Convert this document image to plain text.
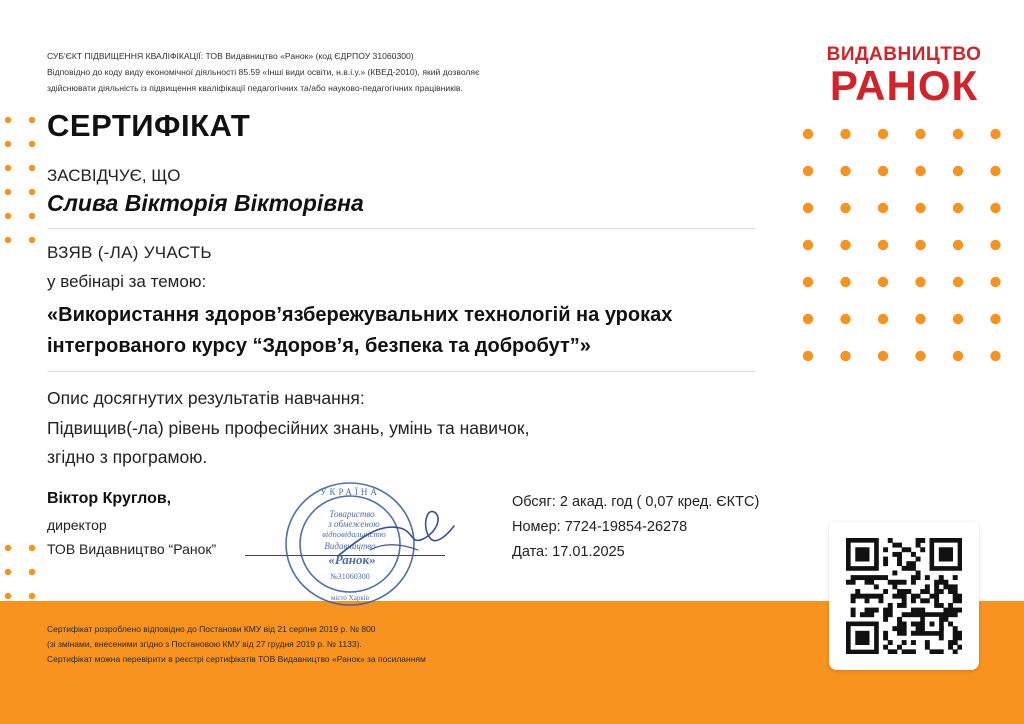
СУБ'ЄКТ ПІДВИЩЕННЯ КВАЛІФІКАЦІЇ: ТОВ Видавництво «Ранок» (код ЄДРПОУ 31060300)
Відповідно до коду виду економічної діяльності 85.59 «Інші види освіти, н.в.і.у.» (КВЕД-2010), який дозволяє
здійснювати діяльність із підвищення кваліфікації педагогічних та/або науково-педагогічних працівників.
ВИДАВНИЦТВО
РАНОК
СЕРТИФІКАТ
ЗАСВІДЧУЄ, ЩО
Слива Вікторія Вікторівна
ВЗЯВ (-ЛА) УЧАСТЬ
у вебінарі за темою:
«Використання здоров’язбережувальних технологій на уроках
інтегрованого курсу “Здоров’я, безпека та добробут”»
Опис досягнутих результатів навчання:
Підвищив(-ла) рівень професійних знань, умінь та навичок,
згідно з програмою.
Віктор Круглов,
директор
ТОВ Видавництво “Ранок”
УКРАЇНА
Товариство
з обмеженою
відповідальністю
Видавництво
«Ранок»
№31060300
місто Харків
Обсяг: 2 акад. год ( 0,07 кред. ЄКТС)
Номер: 7724-19854-26278
Дата: 17.01.2025
Сертифікат розроблено відповідно до Постанови КМУ від 21 серпня 2019 р. № 800
(зі змінами, внесеними згідно з Постановою КМУ від 27 грудня 2019 р. № 1133).
Сертифікат можна перевірити в реєстрі сертифікатів ТОВ Видавництво «Ранок» за посиланням
